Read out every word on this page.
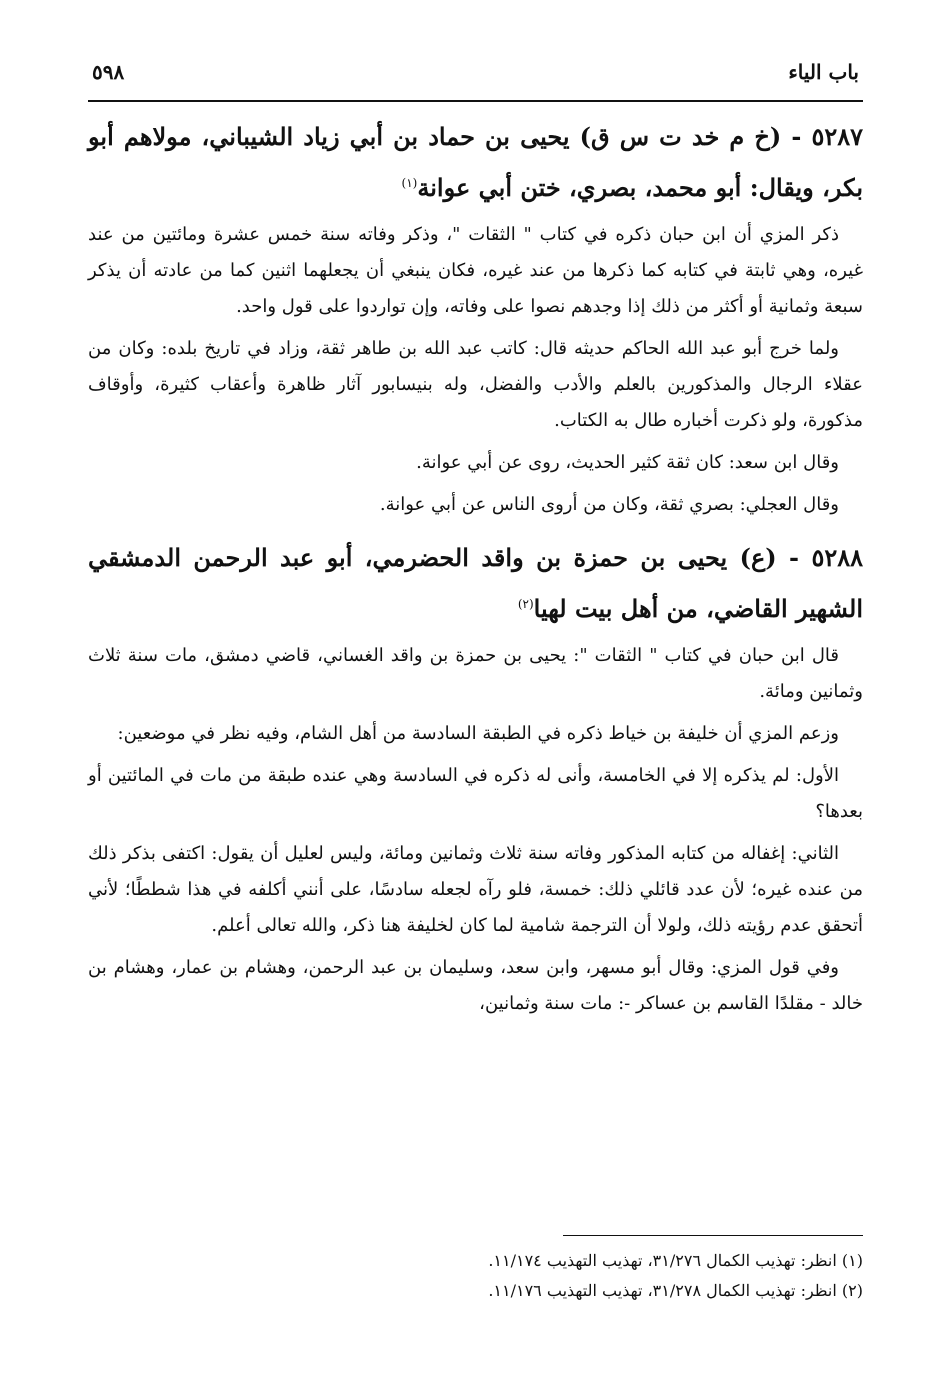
باب الياء
٥٩٨
٥٢٨٧ - (خ م خد ت س ق) يحيى بن حماد بن أبي زياد الشيباني، مولاهم أبو بكر، ويقال: أبو محمد، بصري، ختن أبي عوانة$^{(١)}$

ذكر المزي أن ابن حبان ذكره في كتاب " الثقات "، وذكر وفاته سنة خمس عشرة ومائتين من عند غيره، وهي ثابتة في كتابه كما ذكرها من عند غيره، فكان ينبغي أن يجعلهما اثنين كما من عادته أن يذكر سبعة وثمانية أو أكثر من ذلك إذا وجدهم نصوا على وفاته، وإن تواردوا على قول واحد.

ولما خرج أبو عبد الله الحاكم حديثه قال: كاتب عبد الله بن طاهر ثقة، وزاد في تاريخ بلده: وكان من عقلاء الرجال والمذكورين بالعلم والأدب والفضل، وله بنيسابور آثار ظاهرة وأعقاب كثيرة، وأوقاف مذكورة، ولو ذكرت أخباره طال به الكتاب.

وقال ابن سعد: كان ثقة كثير الحديث، روى عن أبي عوانة.

وقال العجلي: بصري ثقة، وكان من أروى الناس عن أبي عوانة.

٥٢٨٨ - (ع) يحيى بن حمزة بن واقد الحضرمي، أبو عبد الرحمن الدمشقي الشهير القاضي، من أهل بيت لهيا$^{(٢)}$

قال ابن حبان في كتاب " الثقات ": يحيى بن حمزة بن واقد الغساني، قاضي دمشق، مات سنة ثلاث وثمانين ومائة.

وزعم المزي أن خليفة بن خياط ذكره في الطبقة السادسة من أهل الشام، وفيه نظر في موضعين:

الأول: لم يذكره إلا في الخامسة، وأنى له ذكره في السادسة وهي عنده طبقة من مات في المائتين أو بعدها؟

الثاني: إغفاله من كتابه المذكور وفاته سنة ثلاث وثمانين ومائة، وليس لعليل أن يقول: اكتفى بذكر ذلك من عنده غيره؛ لأن عدد قائلي ذلك: خمسة، فلو رآه لجعله سادسًا، على أنني أكلفه في هذا شططًا؛ لأني أتحقق عدم رؤيته ذلك، ولولا أن الترجمة شامية لما كان لخليفة هنا ذكر، والله تعالى أعلم.

وفي قول المزي: وقال أبو مسهر، وابن سعد، وسليمان بن عبد الرحمن، وهشام بن عمار، وهشام بن خالد - مقلدًا القاسم بن عساكر -: مات سنة وثمانين،

(١) انظر: تهذيب الكمال ٣١/٢٧٦، تهذيب التهذيب ١١/١٧٤.
(٢) انظر: تهذيب الكمال ٣١/٢٧٨، تهذيب التهذيب ١١/١٧٦.
